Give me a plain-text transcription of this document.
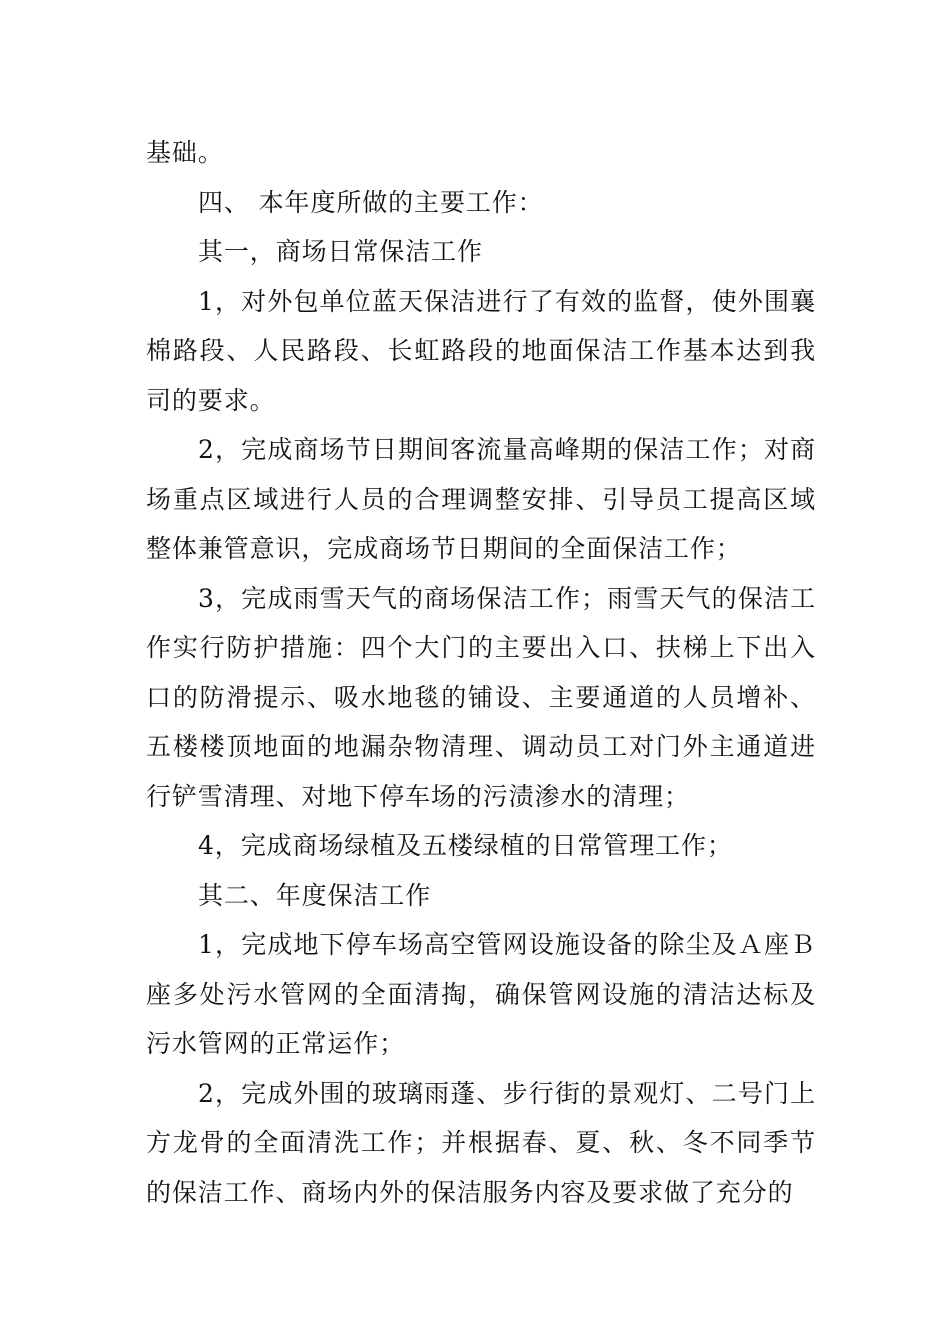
基础。

四、 本年度所做的主要工作：

其一，商场日常保洁工作

1，对外包单位蓝天保洁进行了有效的监督，使外围襄棉路段、人民路段、长虹路段的地面保洁工作基本达到我司的要求。

2，完成商场节日期间客流量高峰期的保洁工作；对商场重点区域进行人员的合理调整安排、引导员工提高区域整体兼管意识，完成商场节日期间的全面保洁工作；

3，完成雨雪天气的商场保洁工作；雨雪天气的保洁工作实行防护措施：四个大门的主要出入口、扶梯上下出入口的防滑提示、吸水地毯的铺设、主要通道的人员增补、五楼楼顶地面的地漏杂物清理、调动员工对门外主通道进行铲雪清理、对地下停车场的污渍渗水的清理；

4，完成商场绿植及五楼绿植的日常管理工作；

其二、年度保洁工作

1，完成地下停车场高空管网设施设备的除尘及Ａ座Ｂ座多处污水管网的全面清掏，确保管网设施的清洁达标及污水管网的正常运作；

2，完成外围的玻璃雨蓬、步行街的景观灯、二号门上方龙骨的全面清洗工作；并根据春、夏、秋、冬不同季节的保洁工作、商场内外的保洁服务内容及要求做了充分的
